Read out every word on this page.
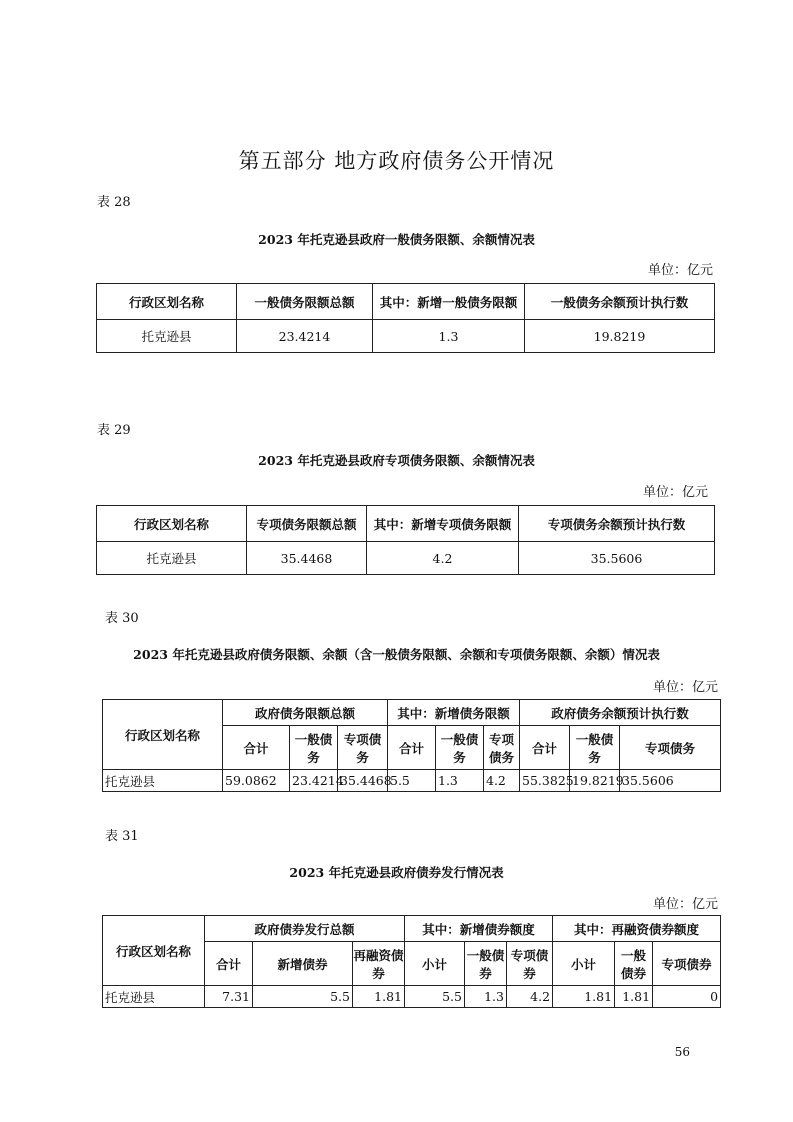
第五部分 地方政府债务公开情况
表 28
2023 年托克逊县政府一般债务限额、余额情况表
单位：亿元
行政区划名称	一般债务限额总额	其中：新增一般债务限额	一般债务余额预计执行数
托克逊县	23.4214	1.3	19.8219
表 29
2023 年托克逊县政府专项债务限额、余额情况表
单位：亿元
行政区划名称	专项债务限额总额	其中：新增专项债务限额	专项债务余额预计执行数
托克逊县	35.4468	4.2	35.5606
表 30
2023 年托克逊县政府债务限额、余额（含一般债务限额、余额和专项债务限额、余额）情况表
单位：亿元
行政区划名称	政府债务限额总额			其中：新增债务限额			政府债务余额预计执行数		
	合计	一般债务	专项债务	合计	一般债务	专项债务	合计	一般债务	专项债务
托克逊县	59.0862	23.4214	35.4468	5.5	1.3	4.2	55.3825	19.8219	35.5606
表 31
2023 年托克逊县政府债券发行情况表
单位：亿元
行政区划名称	政府债券发行总额			其中：新增债券额度			其中：再融资债券额度		
	合计	新增债券	再融资债券	小计	一般债券	专项债券	小计	一般债券	专项债券
托克逊县	7.31	5.5	1.81	5.5	1.3	4.2	1.81	1.81	0
56
